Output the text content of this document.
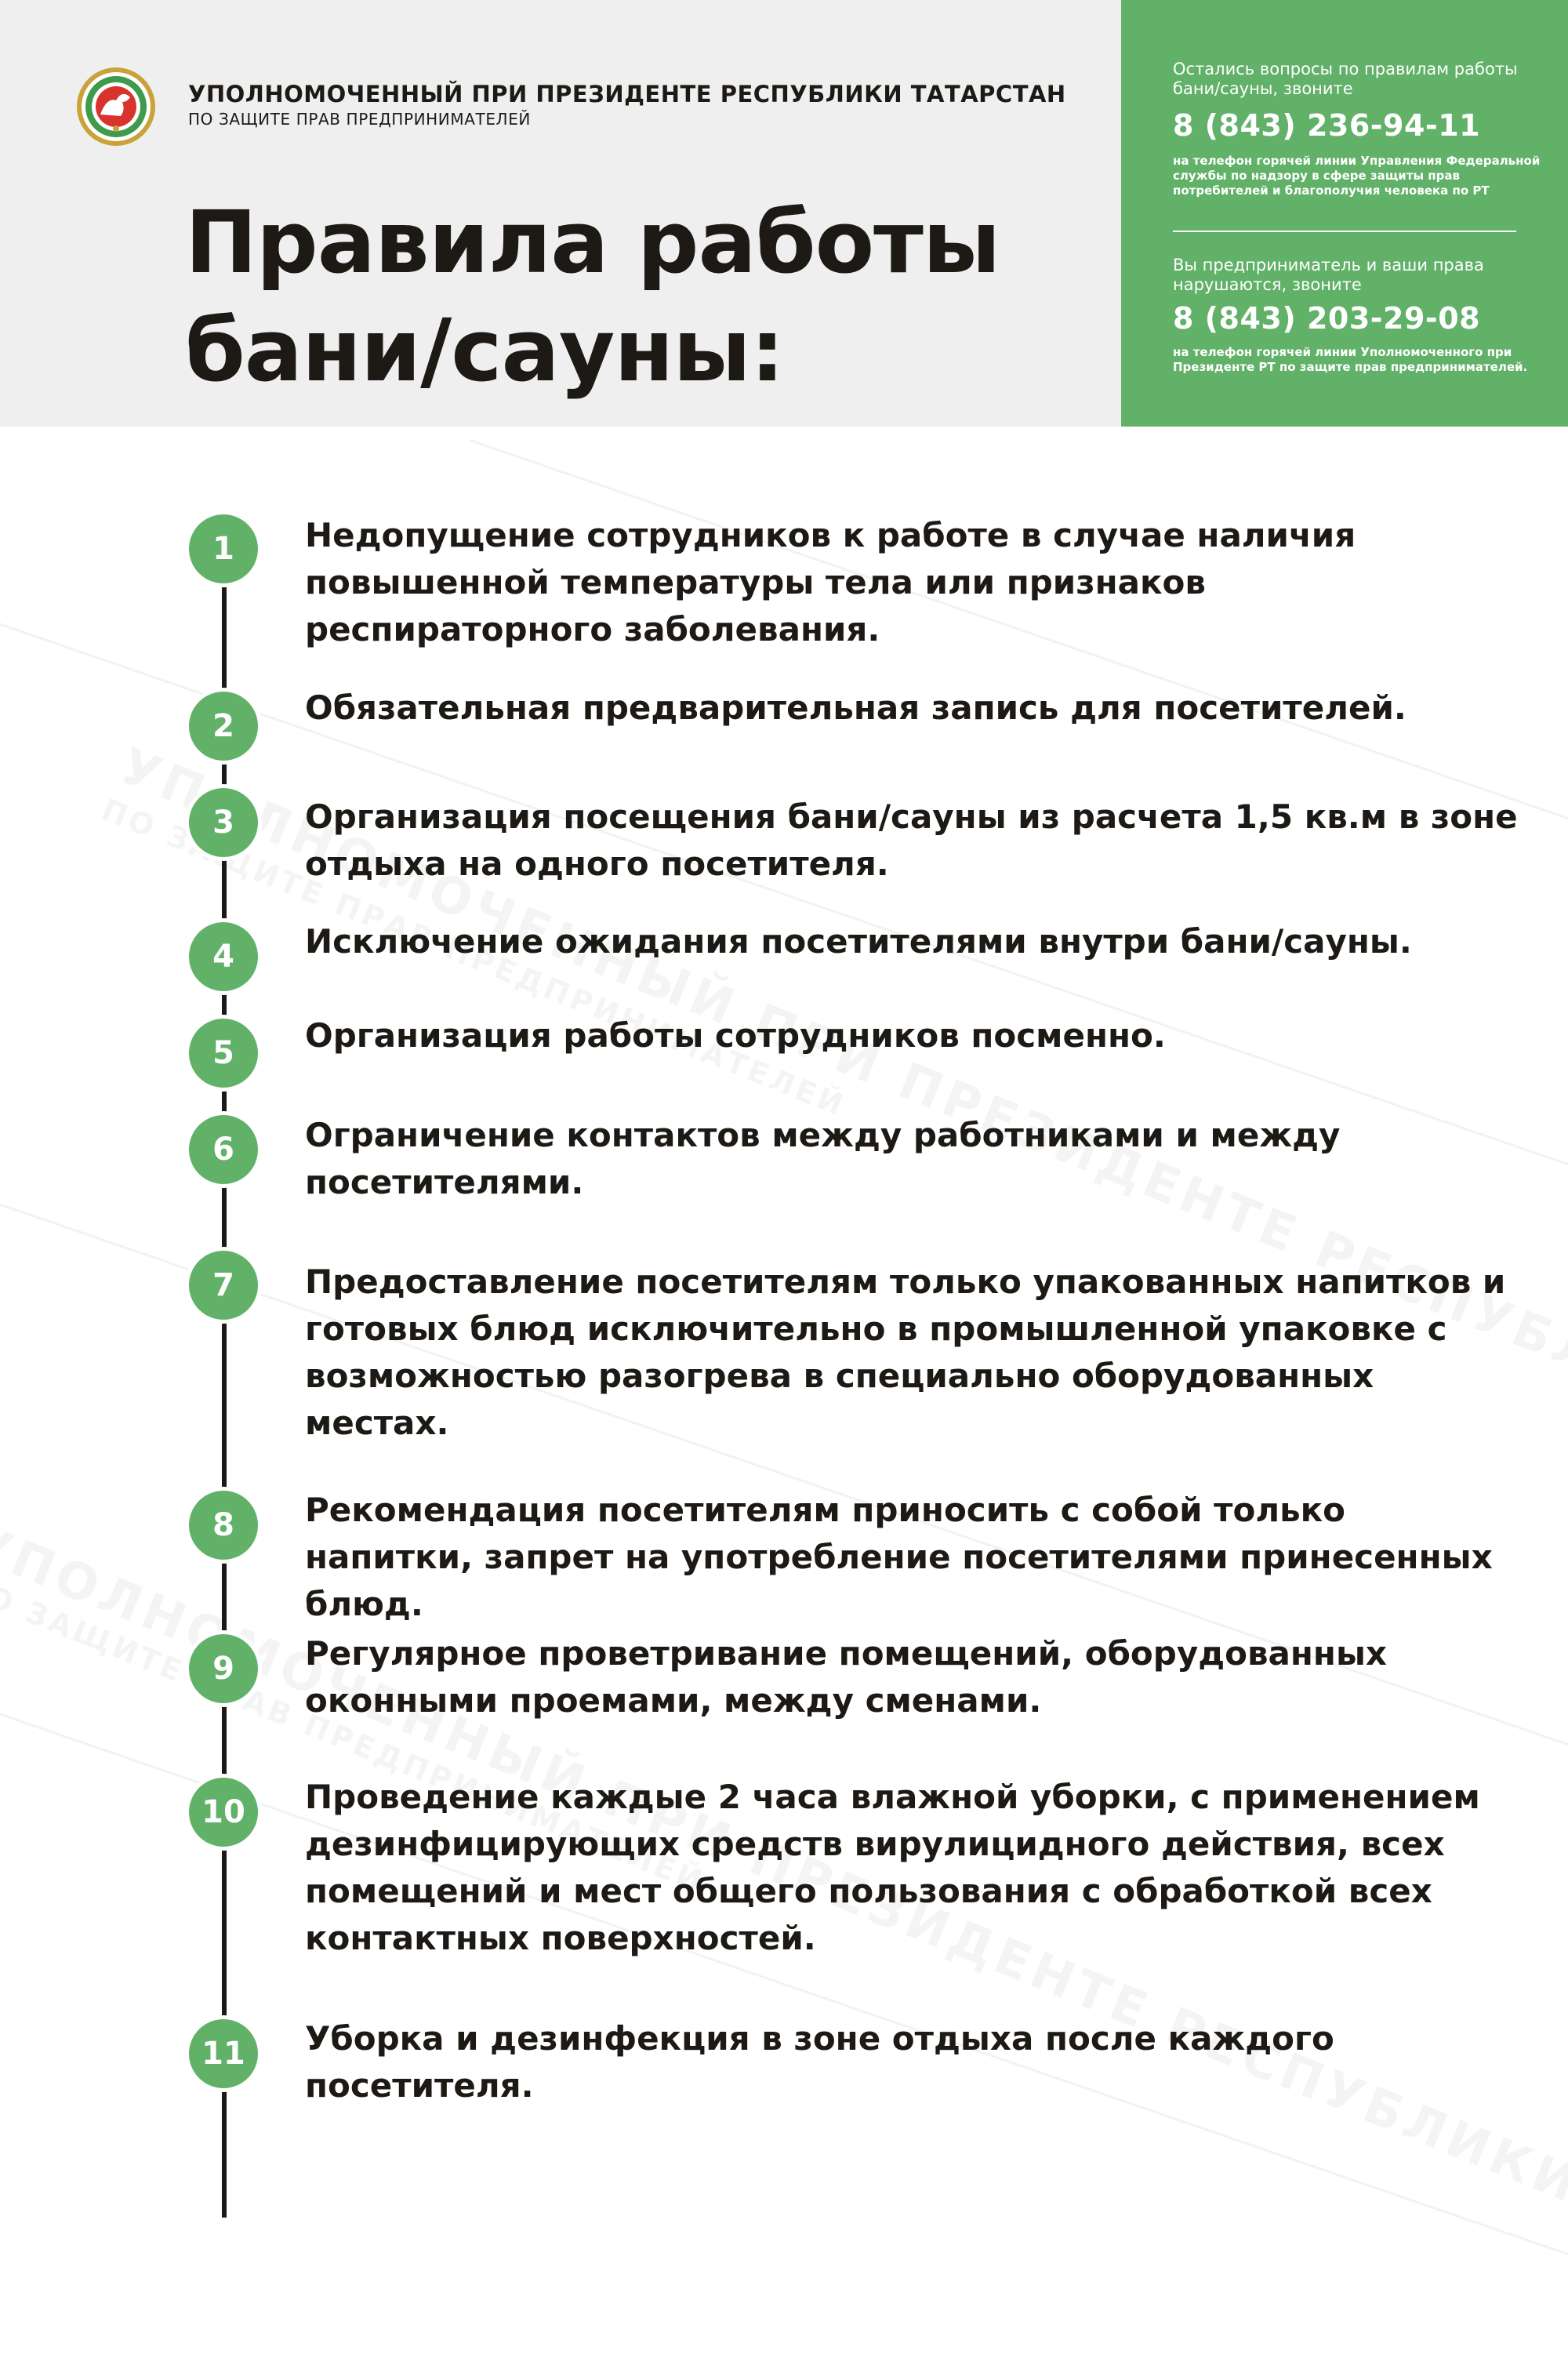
УПОЛНОМОЧЕННЫЙ ПРИ ПРЕЗИДЕНТЕ РЕСПУБЛИКИ ТАТАРСТАН

ПО ЗАЩИТЕ ПРАВ ПРЕДПРИНИМАТЕЛЕЙ

Правила работы
бани/сауны:

Остались вопросы по правилам работы бани/сауны, звоните

8 (843) 236-94-11

на телефон горячей линии Управления Федеральной службы по надзору в сфере защиты прав потребителей и благополучия человека по РТ

Вы предприниматель и ваши права нарушаются, звоните

8 (843) 203-29-08

на телефон горячей линии Уполномоченного при Президенте РТ по защите прав предпринимателей.

1	Недопущение сотрудников к работе в случае наличия повышенной температуры тела или признаков респираторного заболевания.

2	Обязательная предварительная запись для посетителей.

3	Организация посещения бани/сауны из расчета 1,5 кв.м в зоне отдыха на одного посетителя.

4	Исключение ожидания посетителями внутри бани/сауны.

5	Организация работы сотрудников посменно.

6	Ограничение контактов между работниками и между посетителями.

7	Предоставление посетителям только упакованных напитков и готовых блюд исключительно в промышленной упаковке с возможностью разогрева в специально оборудованных местах.

8	Рекомендация посетителям приносить с собой только напитки, запрет на употребление посетителями принесенных блюд.

9	Регулярное проветривание помещений, оборудованных оконными проемами, между сменами.

10	Проведение каждые 2 часа влажной уборки, с применением дезинфицирующих средств вирулицидного действия, всех помещений и мест общего пользования с обработкой всех контактных поверхностей.

11	Уборка и дезинфекция в зоне отдыха после каждого посетителя.
